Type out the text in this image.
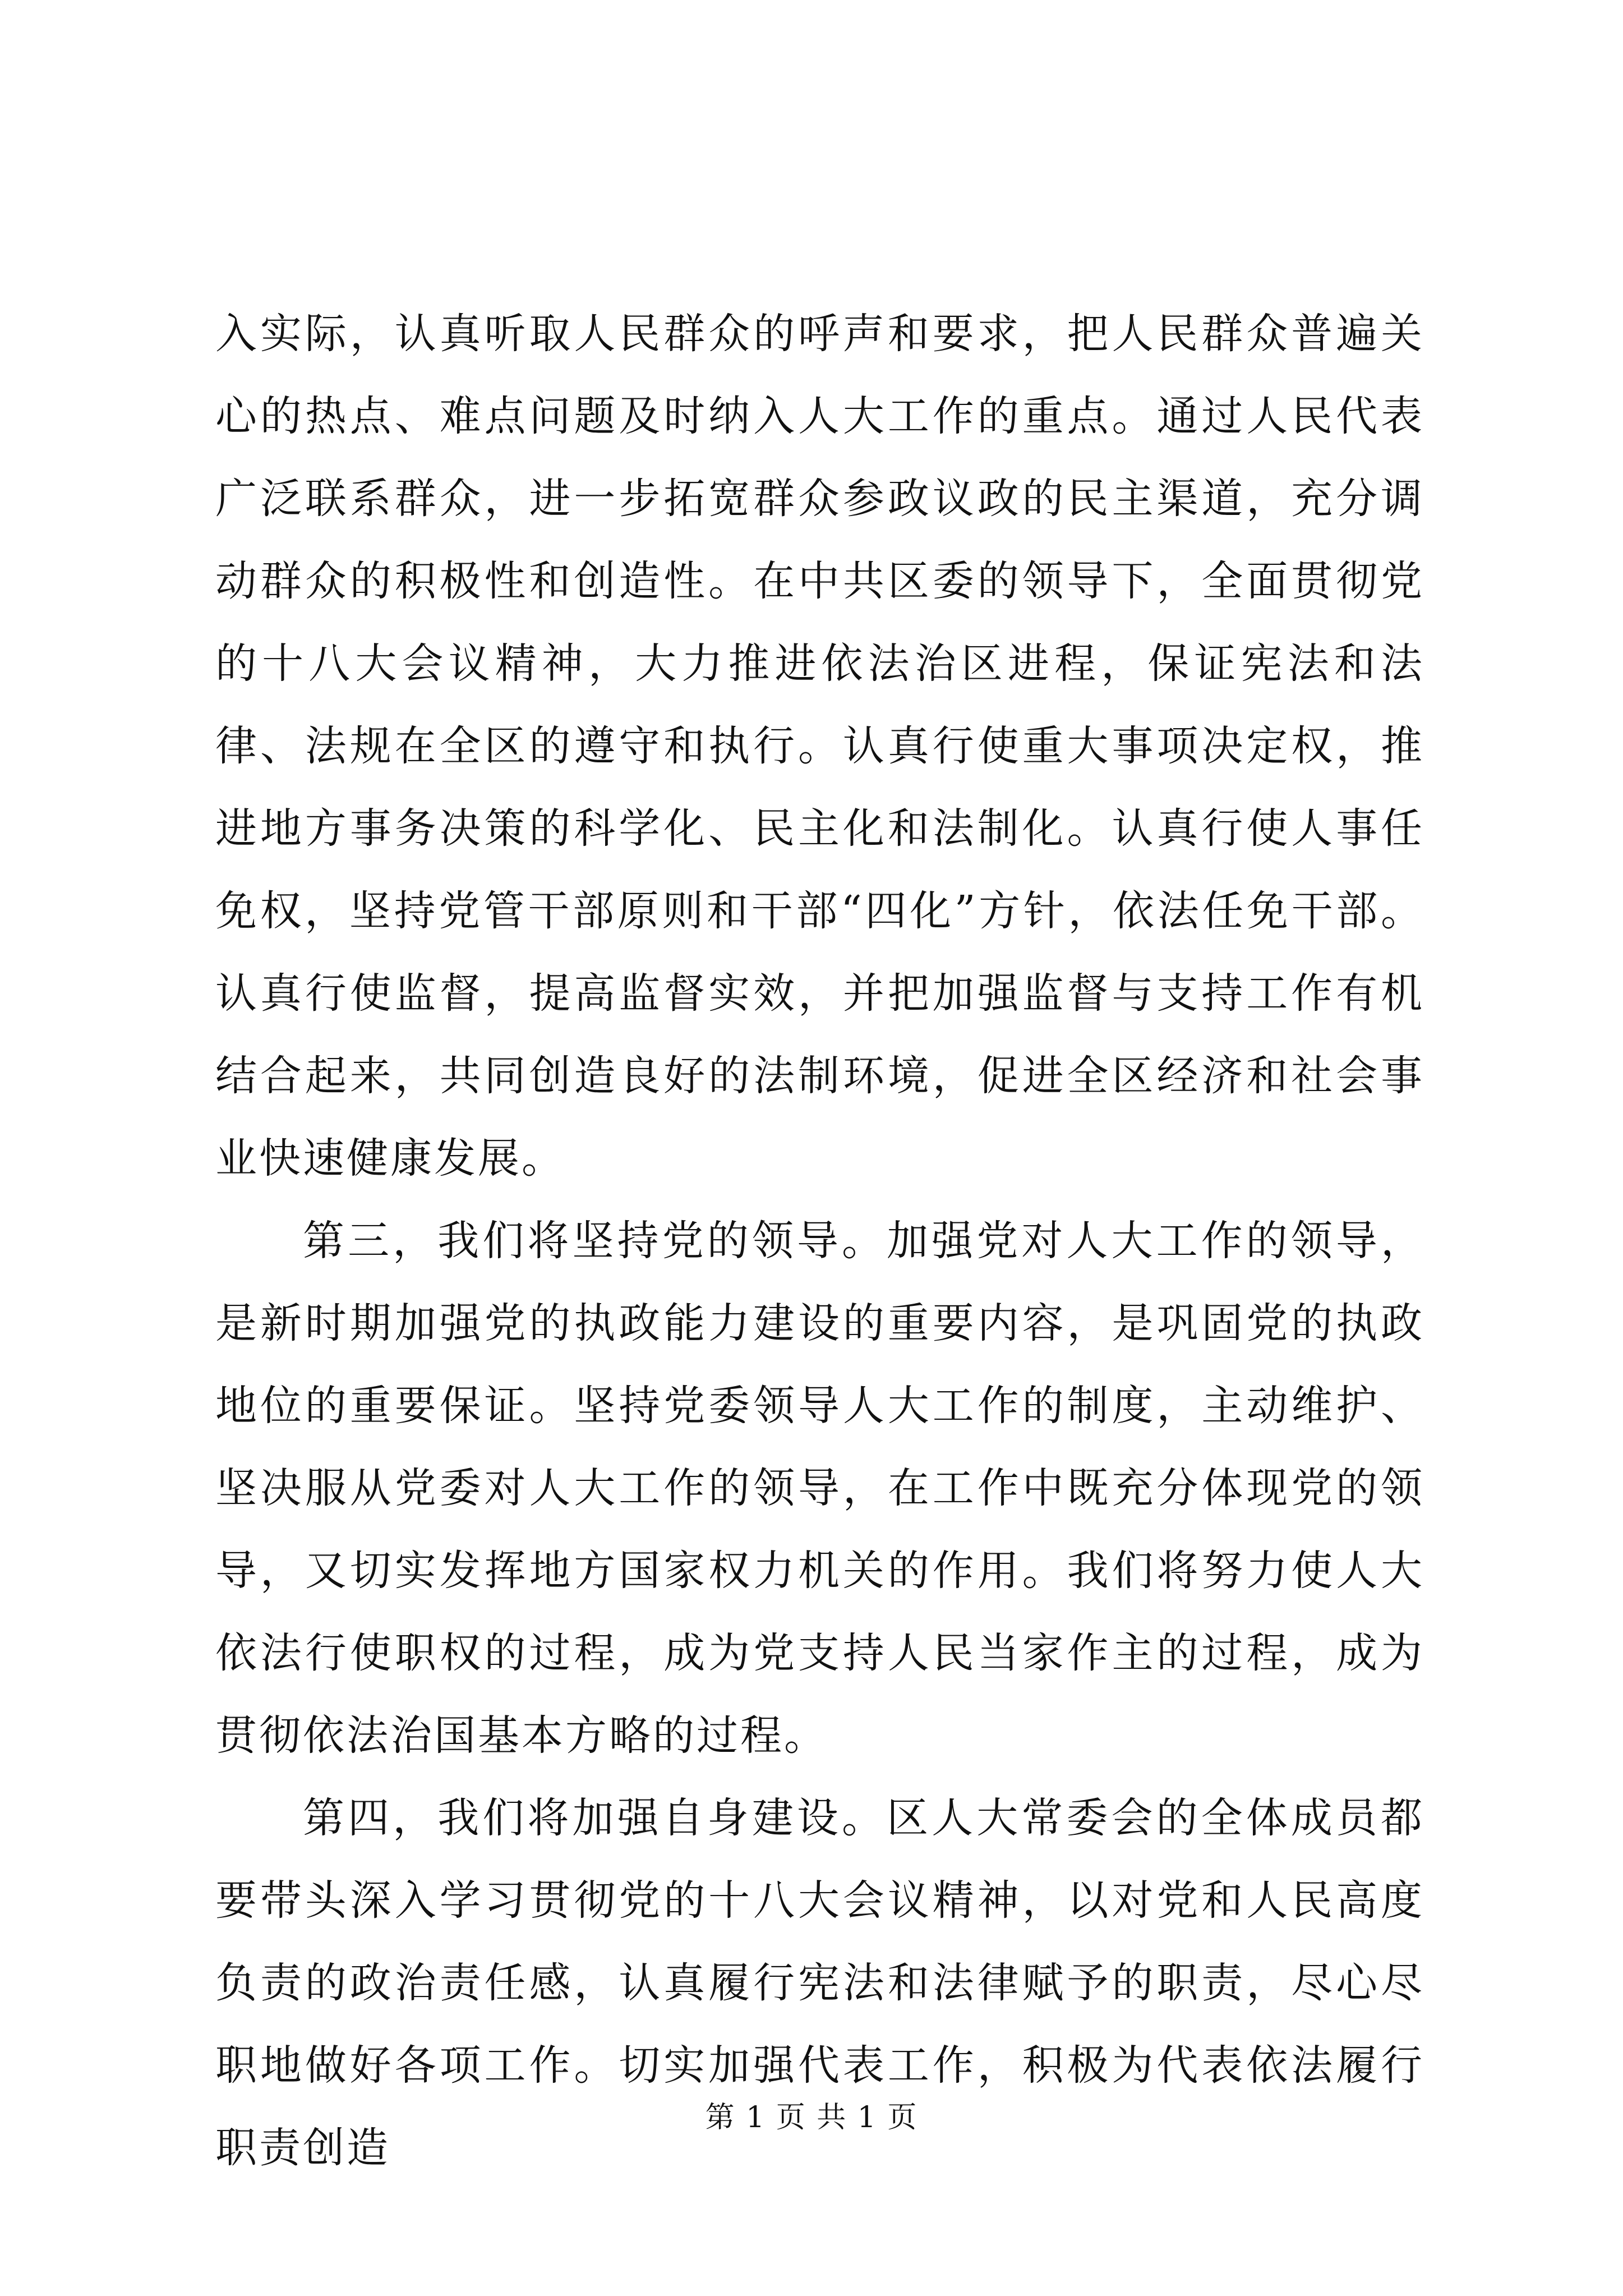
入实际，认真听取人民群众的呼声和要求，把人民群众普遍关心的热点、难点问题及时纳入人大工作的重点。通过人民代表广泛联系群众，进一步拓宽群众参政议政的民主渠道，充分调动群众的积极性和创造性。在中共区委的领导下，全面贯彻党的十八大会议精神，大力推进依法治区进程，保证宪法和法律、法规在全区的遵守和执行。认真行使重大事项决定权，推进地方事务决策的科学化、民主化和法制化。认真行使人事任免权，坚持党管干部原则和干部“四化”方针，依法任免干部。认真行使监督，提高监督实效，并把加强监督与支持工作有机结合起来，共同创造良好的法制环境，促进全区经济和社会事业快速健康发展。

第三，我们将坚持党的领导。加强党对人大工作的领导，是新时期加强党的执政能力建设的重要内容，是巩固党的执政地位的重要保证。坚持党委领导人大工作的制度，主动维护、坚决服从党委对人大工作的领导，在工作中既充分体现党的领导，又切实发挥地方国家权力机关的作用。我们将努力使人大依法行使职权的过程，成为党支持人民当家作主的过程，成为贯彻依法治国基本方略的过程。

第四，我们将加强自身建设。区人大常委会的全体成员都要带头深入学习贯彻党的十八大会议精神，以对党和人民高度负责的政治责任感，认真履行宪法和法律赋予的职责，尽心尽职地做好各项工作。切实加强代表工作，积极为代表依法履行职责创造

第 1 页 共 1 页
